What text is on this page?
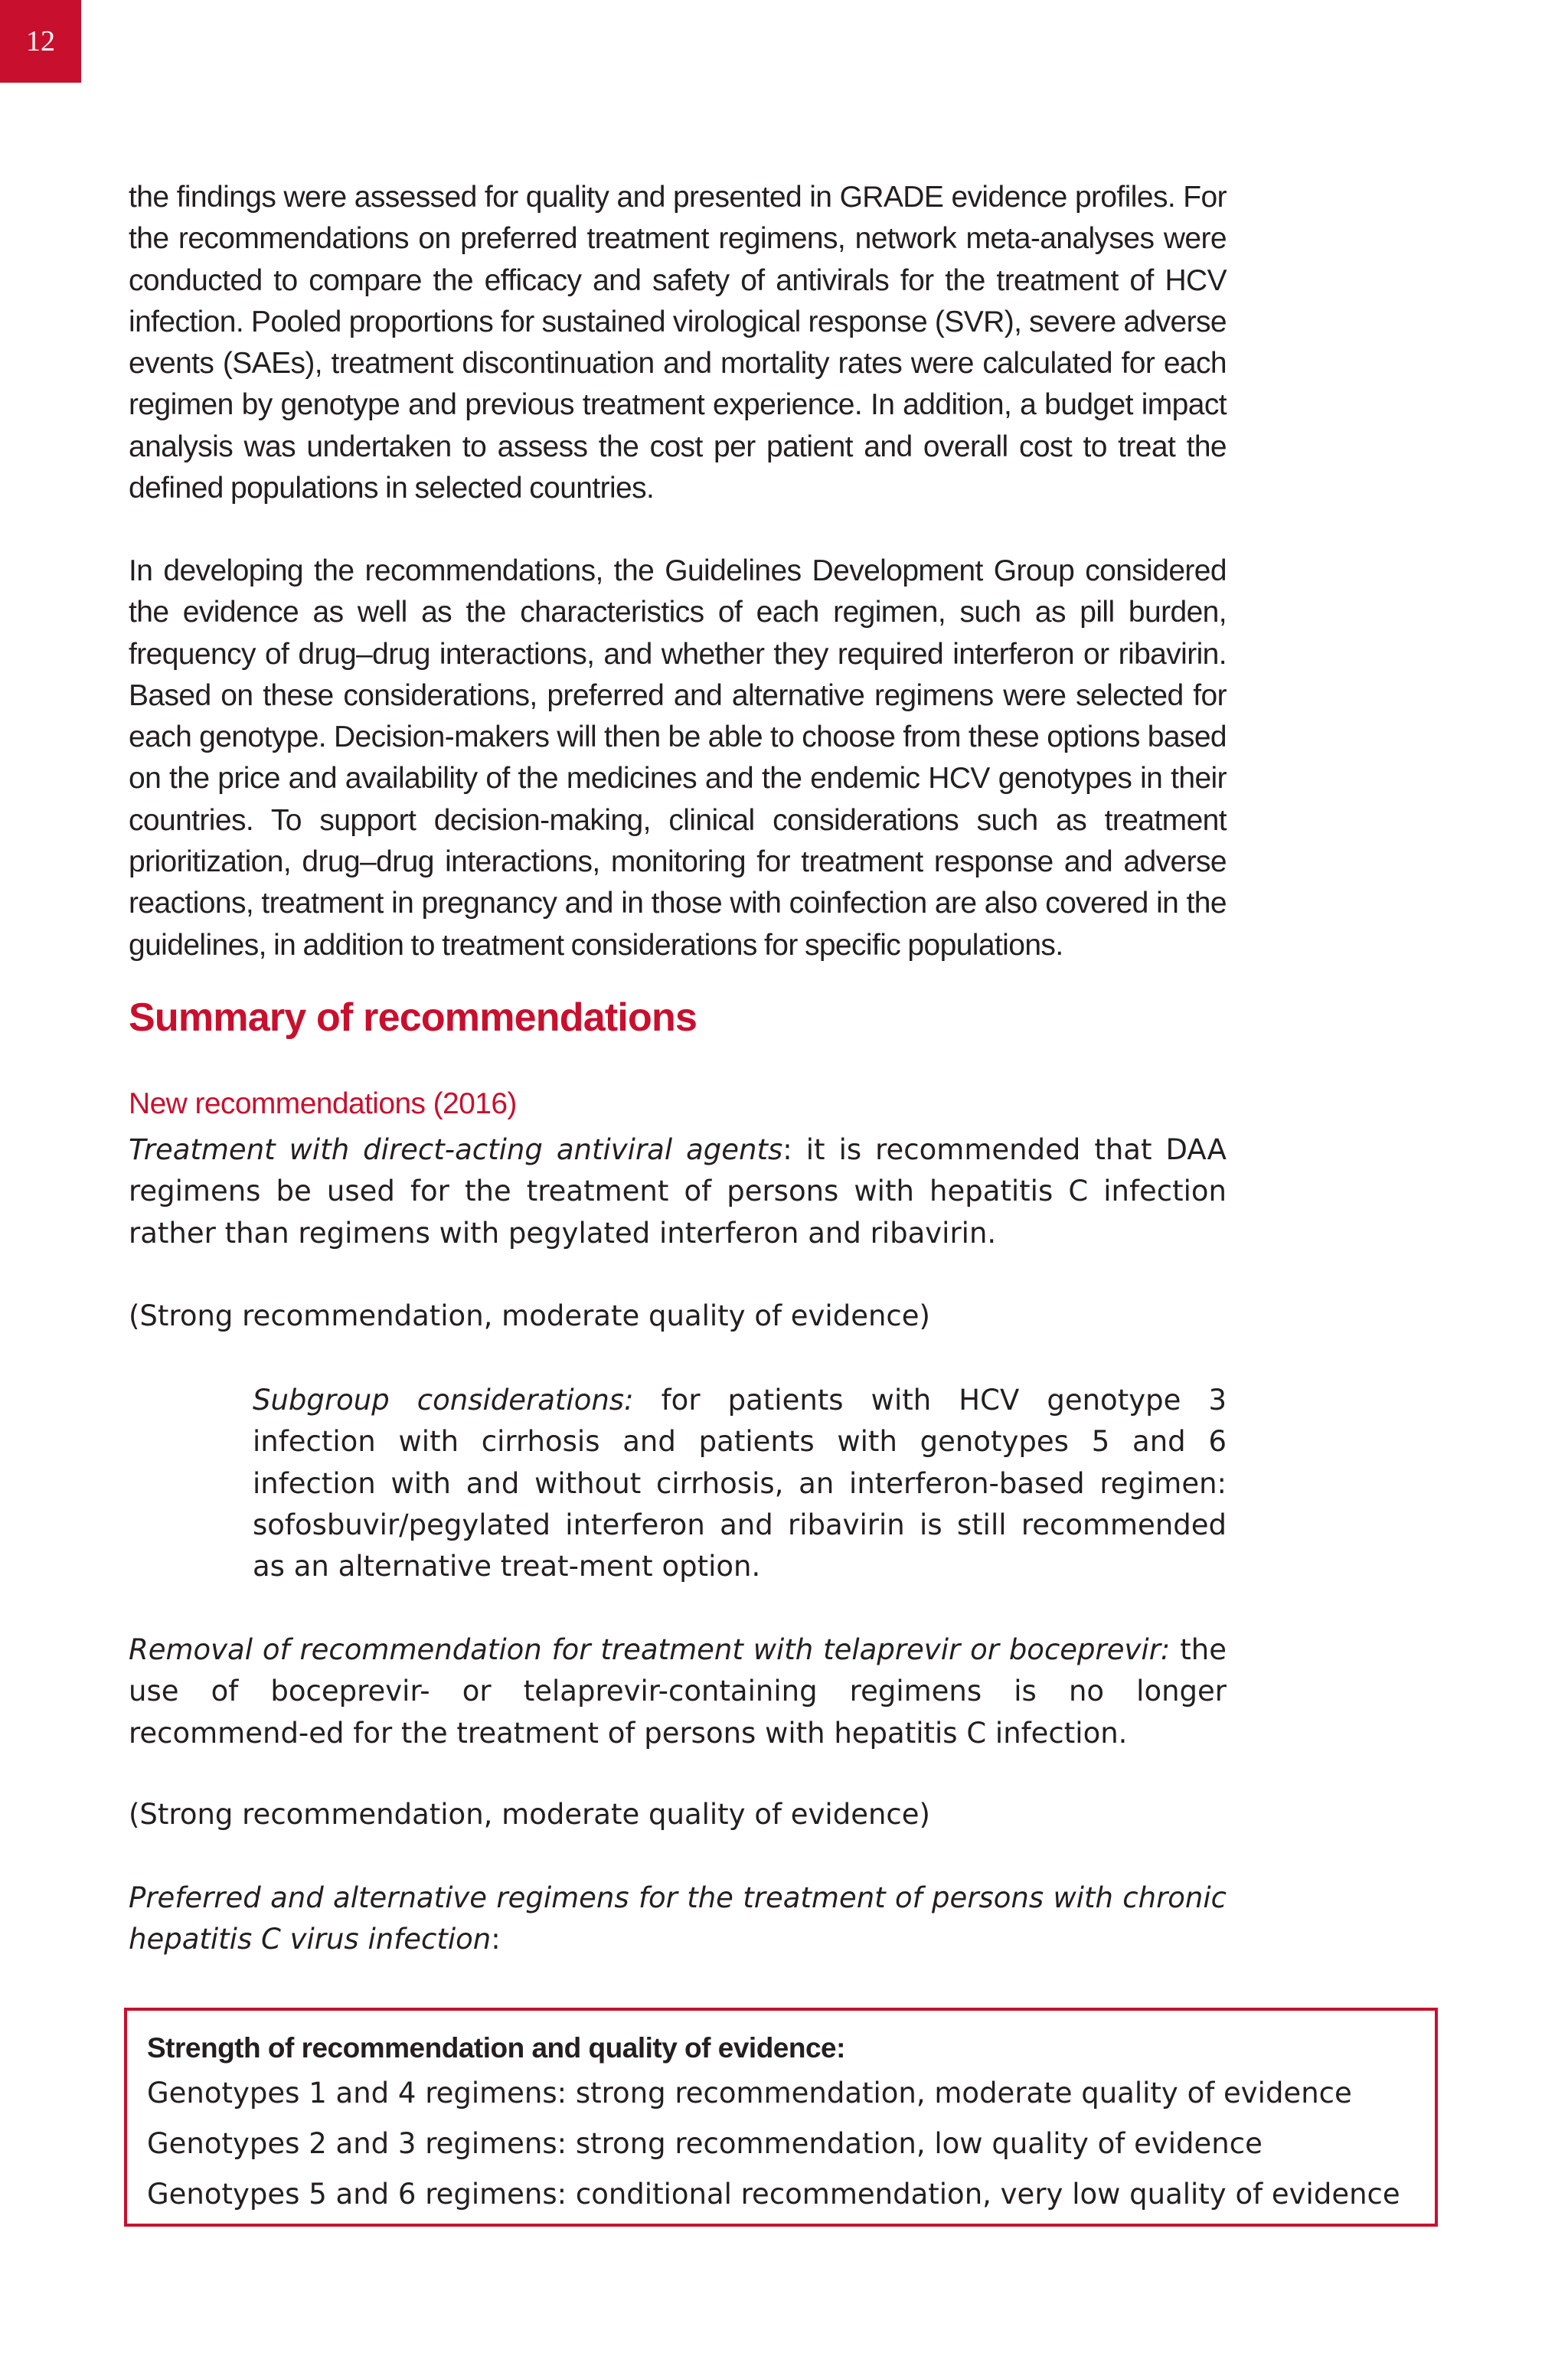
12

the findings were assessed for quality and presented in GRADE evidence profiles. For the recommendations on preferred treatment regimens, network meta-analyses were conducted to compare the efficacy and safety of antivirals for the treatment of HCV infection. Pooled proportions for sustained virological response (SVR), severe adverse events (SAEs), treatment discontinuation and mortality rates were calculated for each regimen by genotype and previous treatment experience. In addition, a budget impact analysis was undertaken to assess the cost per patient and overall cost to treat the defined populations in selected countries.

In developing the recommendations, the Guidelines Development Group considered the evidence as well as the characteristics of each regimen, such as pill burden, frequency of drug–drug interactions, and whether they required interferon or ribavirin. Based on these considerations, preferred and alternative regimens were selected for each genotype. Decision-makers will then be able to choose from these options based on the price and availability of the medicines and the endemic HCV genotypes in their countries. To support decision-making, clinical considerations such as treatment prioritization, drug–drug interactions, monitoring for treatment response and adverse reactions, treatment in pregnancy and in those with coinfection are also covered in the guidelines, in addition to treatment considerations for specific populations.

Summary of recommendations
New recommendations (2016)

Treatment with direct-acting antiviral agents: it is recommended that DAA regimens be used for the treatment of persons with hepatitis C infection rather than regimens with pegylated interferon and ribavirin.

(Strong recommendation, moderate quality of evidence)

Subgroup considerations: for patients with HCV genotype 3 infection with cirrhosis and patients with genotypes 5 and 6 infection with and without cirrhosis, an interferon-based regimen: sofosbuvir/pegylated interferon and ribavirin is still recommended as an alternative treat-ment option.

Removal of recommendation for treatment with telaprevir or boceprevir: the use of boceprevir- or telaprevir-containing regimens is no longer recommend-ed for the treatment of persons with hepatitis C infection.

(Strong recommendation, moderate quality of evidence)

Preferred and alternative regimens for the treatment of persons with chronic hepatitis C virus infection:

Strength of recommendation and quality of evidence:

Genotypes 1 and 4 regimens: strong recommendation, moderate quality of evidence

Genotypes 2 and 3 regimens: strong recommendation, low quality of evidence

Genotypes 5 and 6 regimens: conditional recommendation, very low quality of evidence
